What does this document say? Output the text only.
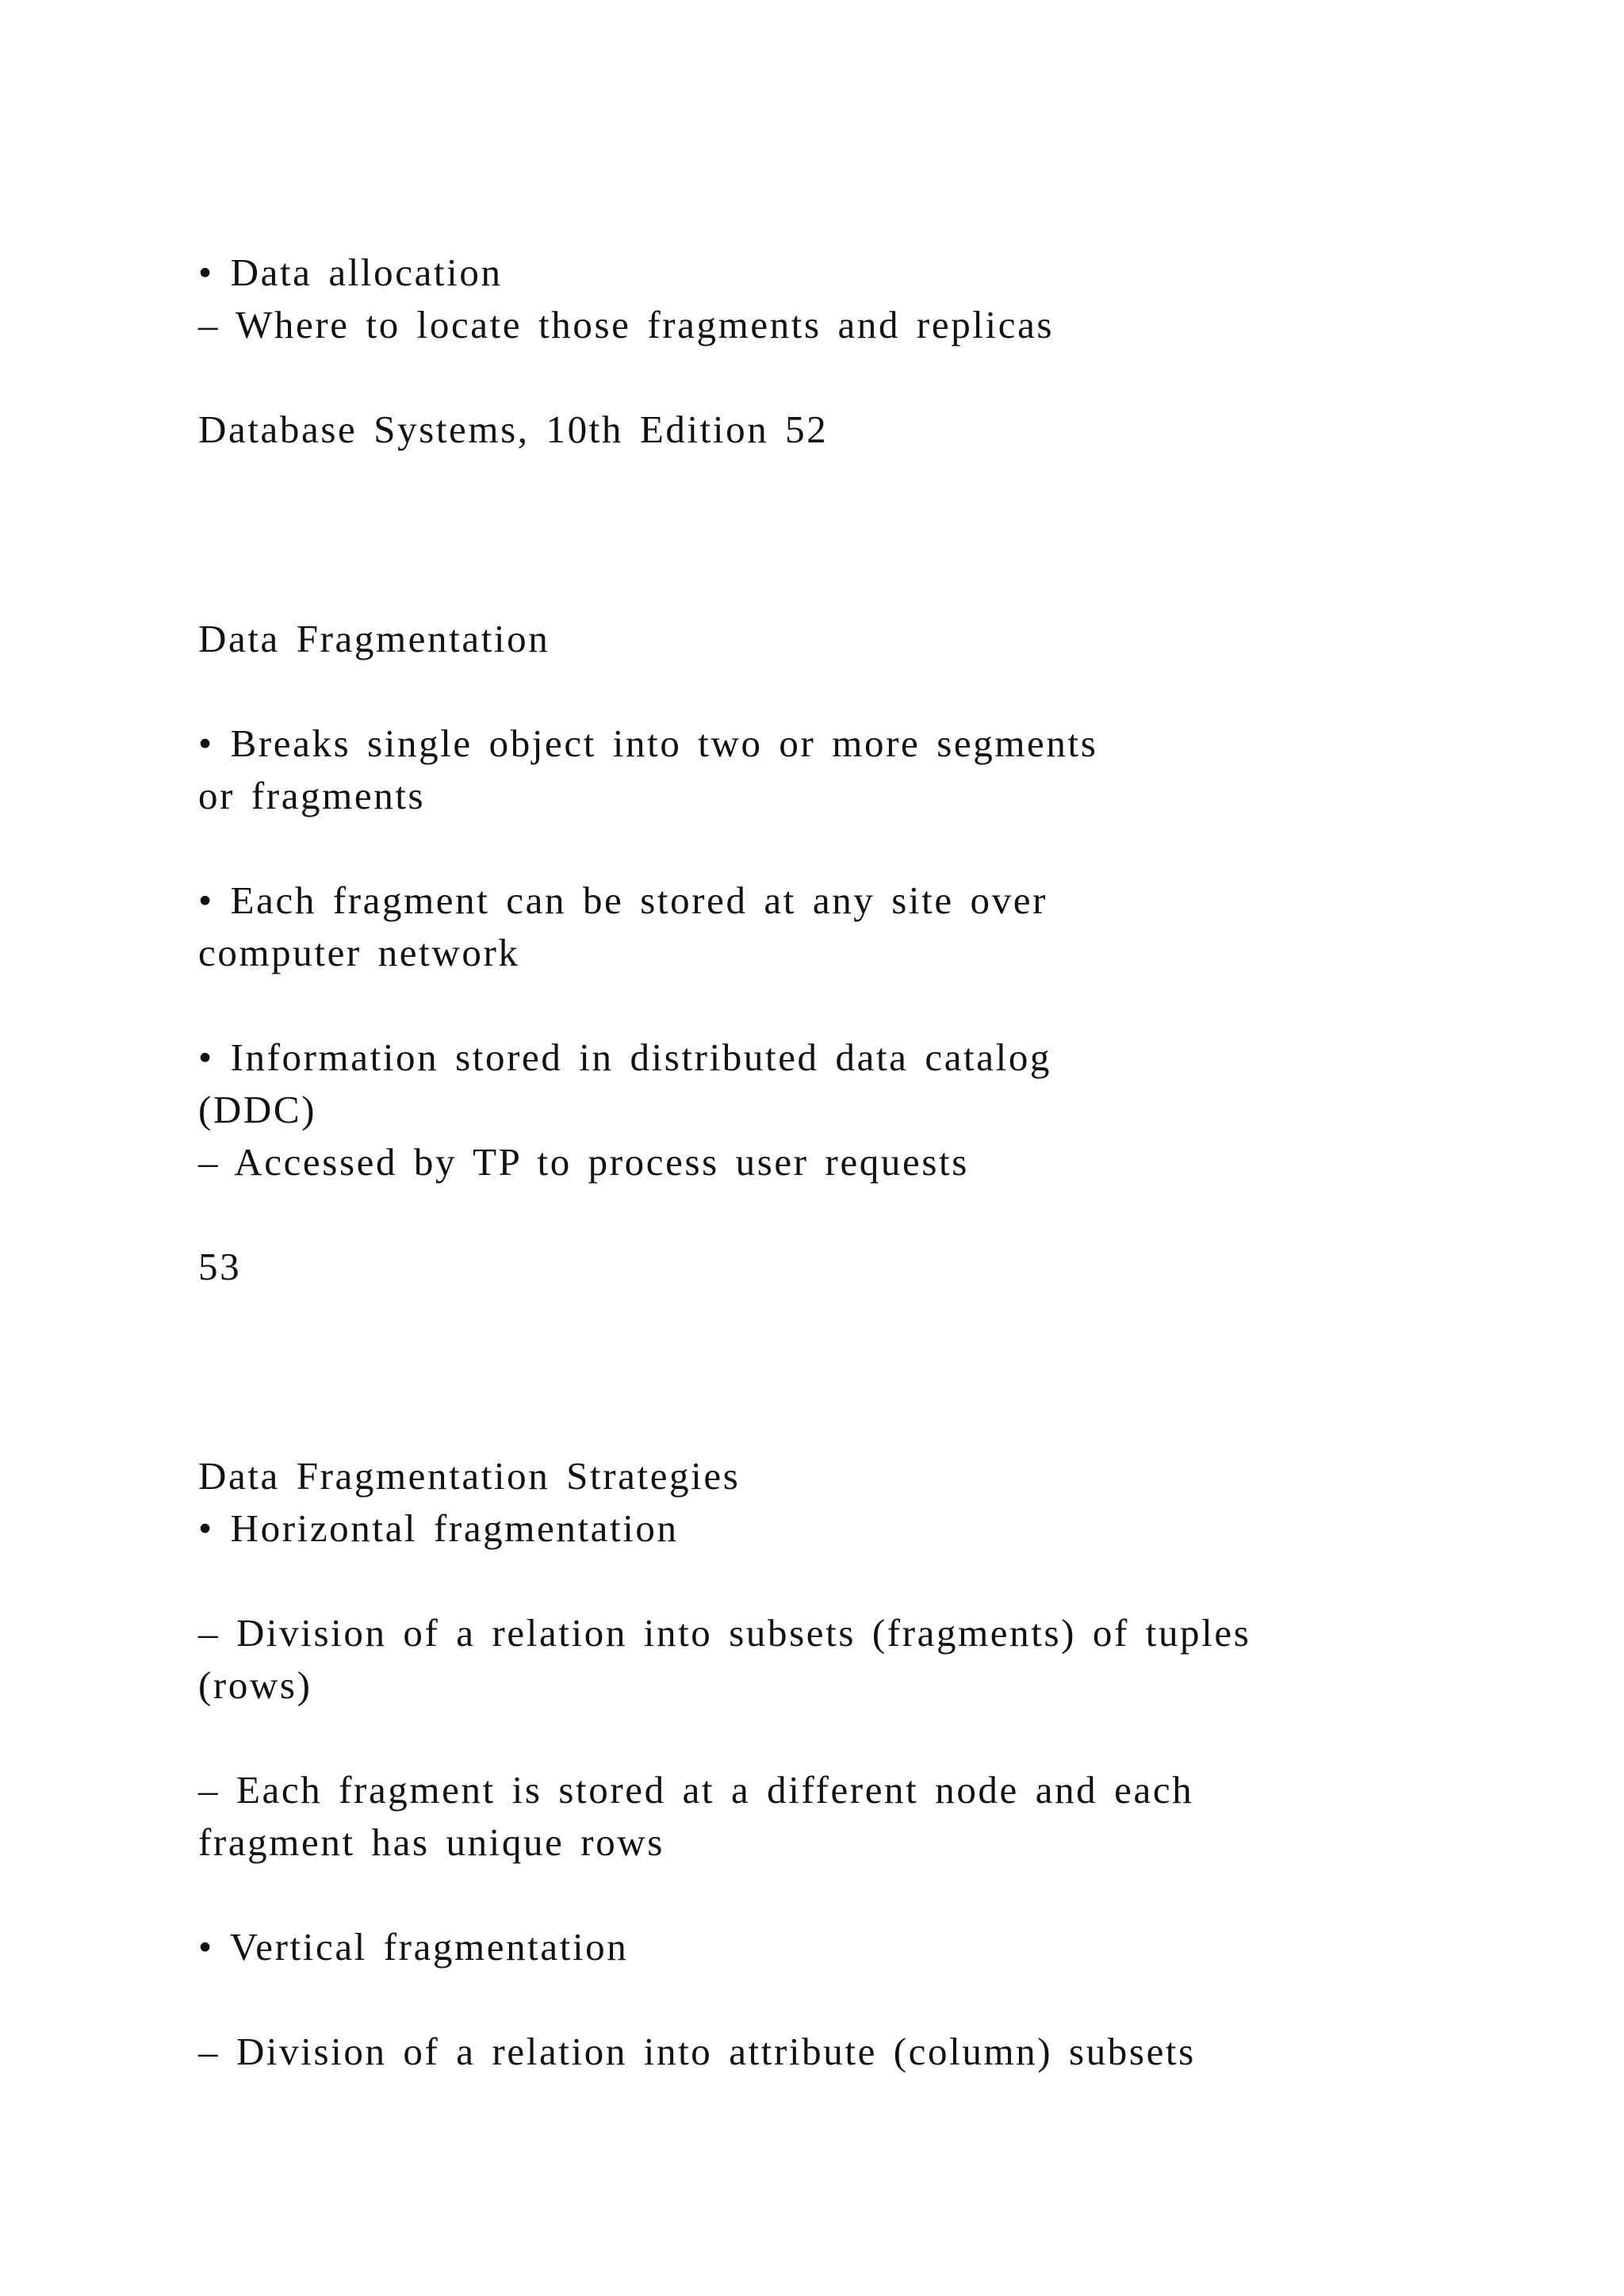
• Data allocation
– Where to locate those fragments and replicas
Database Systems, 10th Edition 52
Data Fragmentation
• Breaks single object into two or more segments
or fragments
• Each fragment can be stored at any site over
computer network
• Information stored in distributed data catalog
(DDC)
– Accessed by TP to process user requests
53
Data Fragmentation Strategies
• Horizontal fragmentation
– Division of a relation into subsets (fragments) of tuples
(rows)
– Each fragment is stored at a different node and each
fragment has unique rows
• Vertical fragmentation
– Division of a relation into attribute (column) subsets
